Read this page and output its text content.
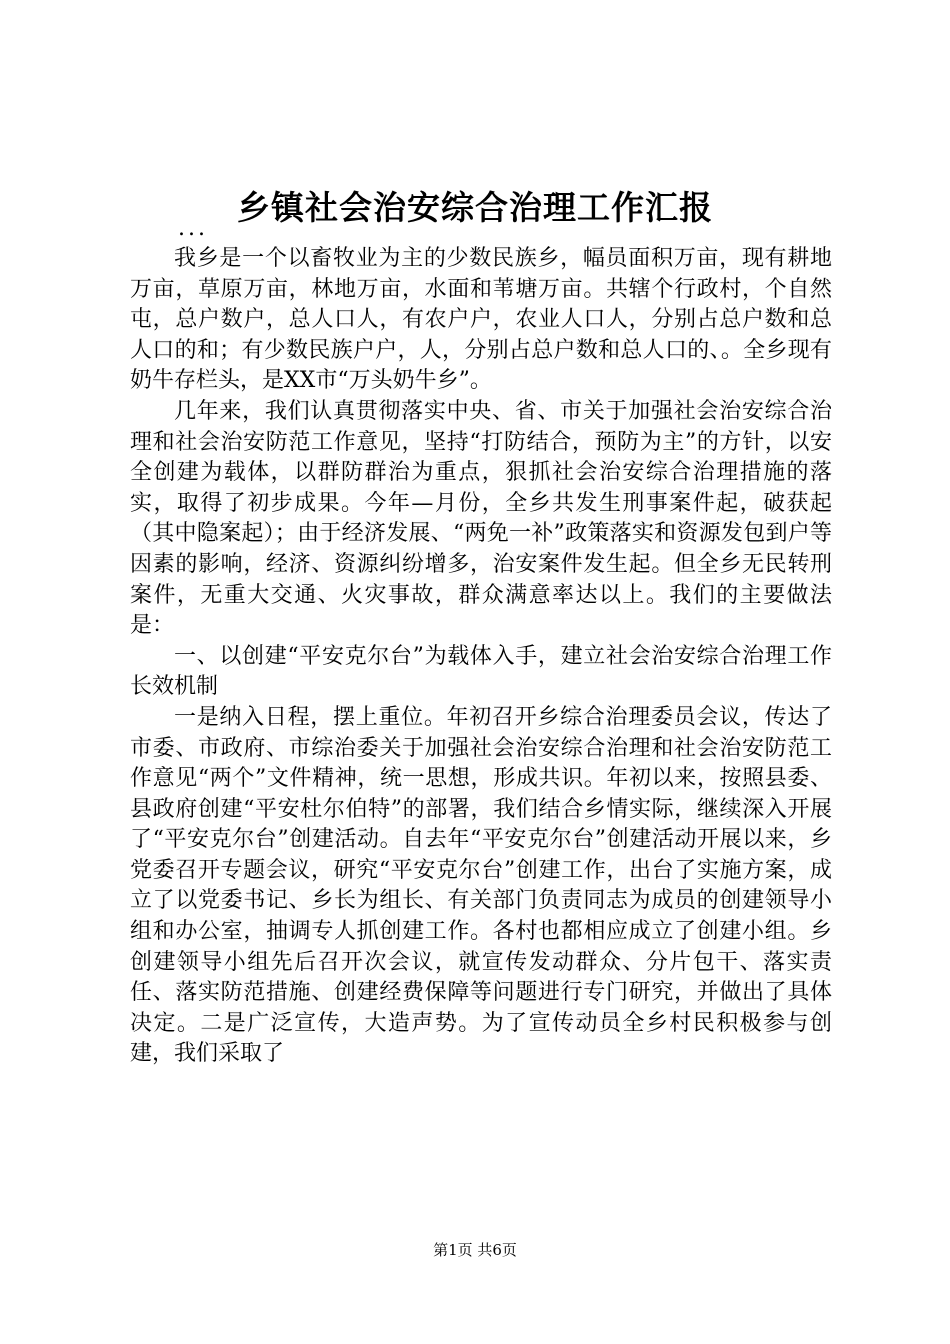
乡镇社会治安综合治理工作汇报
...

我乡是一个以畜牧业为主的少数民族乡，幅员面积万亩，现有耕地万亩，草原万亩，林地万亩，水面和苇塘万亩。共辖个行政村，个自然屯，总户数户，总人口人，有农户户，农业人口人，分别占总户数和总人口的和；有少数民族户户，人，分别占总户数和总人口的、。全乡现有奶牛存栏头，是XX市“万头奶牛乡”。

几年来，我们认真贯彻落实中央、省、市关于加强社会治安综合治理和社会治安防范工作意见，坚持“打防结合，预防为主”的方针，以安全创建为载体，以群防群治为重点，狠抓社会治安综合治理措施的落实，取得了初步成果。今年—月份，全乡共发生刑事案件起，破获起（其中隐案起）；由于经济发展、“两免一补”政策落实和资源发包到户等因素的影响，经济、资源纠纷增多，治安案件发生起。但全乡无民转刑案件，无重大交通、火灾事故，群众满意率达以上。我们的主要做法是：

一、以创建“平安克尔台”为载体入手，建立社会治安综合治理工作长效机制

一是纳入日程，摆上重位。年初召开乡综合治理委员会议，传达了市委、市政府、市综治委关于加强社会治安综合治理和社会治安防范工作意见“两个”文件精神，统一思想，形成共识。年初以来，按照县委、县政府创建“平安杜尔伯特”的部署，我们结合乡情实际，继续深入开展了“平安克尔台”创建活动。自去年“平安克尔台”创建活动开展以来，乡党委召开专题会议，研究“平安克尔台”创建工作，出台了实施方案，成立了以党委书记、乡长为组长、有关部门负责同志为成员的创建领导小组和办公室，抽调专人抓创建工作。各村也都相应成立了创建小组。乡创建领导小组先后召开次会议，就宣传发动群众、分片包干、落实责任、落实防范措施、创建经费保障等问题进行专门研究，并做出了具体决定。二是广泛宣传，大造声势。为了宣传动员全乡村民积极参与创建，我们采取了

第1页 共6页
